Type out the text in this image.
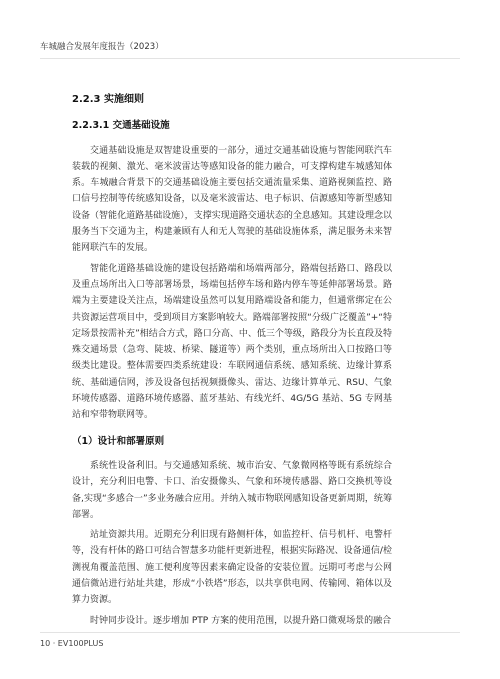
车城融合发展年度报告（2023）
2.2.3 实施细则
2.2.3.1 交通基础设施

交通基础设施是双智建设重要的一部分，通过交通基础设施与智能网联汽车装载的视频、激光、毫米波雷达等感知设备的能力融合，可支撑构建车城感知体系。车城融合背景下的交通基础设施主要包括交通流量采集、道路视频监控、路口信号控制等传统感知设备，以及毫米波雷达、电子标识、信源感知等新型感知设备（智能化道路基础设施），支撑实现道路交通状态的全息感知。其建设理念以服务当下交通为主，构建兼顾有人和无人驾驶的基础设施体系，满足服务未来智能网联汽车的发展。

智能化道路基础设施的建设包括路端和场端两部分，路端包括路口、路段以及重点场所出入口等部署场景，场端包括停车场和路内停车等延伸部署场景。路端为主要建设关注点，场端建设虽然可以复用路端设备和能力，但通常绑定在公共资源运营项目中，受到项目方案影响较大。路端部署按照“分级广泛覆盖”+“特定场景按需补充”相结合方式，路口分高、中、低三个等级，路段分为长直段及特殊交通场景（急弯、陡坡、桥梁、隧道等）两个类别，重点场所出入口按路口等级类比建设。整体需要四类系统建设：车联网通信系统、感知系统、边缘计算系统、基础通信网，涉及设备包括视频摄像头、雷达、边缘计算单元、RSU、气象环境传感器、道路环境传感器、蓝牙基站、有线光纤、4G/5G 基站、5G 专网基站和窄带物联网等。

（1）设计和部署原则

系统性设备利旧。与交通感知系统、城市治安、气象微网格等既有系统综合设计，充分利旧电警、卡口、治安摄像头、气象和环境传感器、路口交换机等设备,实现“多感合一”多业务融合应用。并纳入城市物联网感知设备更新周期，统筹部署。

站址资源共用。近期充分利旧现有路侧杆体，如监控杆、信号机杆、电警杆等，没有杆体的路口可结合智慧多功能杆更新进程，根据实际路况、设备通信/检测视角覆盖范围、施工便利度等因素来确定设备的安装位置。远期可考虑与公网通信微站进行站址共建，形成“小铁塔”形态，以共享供电网、传输网、箱体以及算力资源。

时钟同步设计。逐步增加 PTP 方案的使用范围，以提升路口微观场景的融合

10 · EV100PLUS
